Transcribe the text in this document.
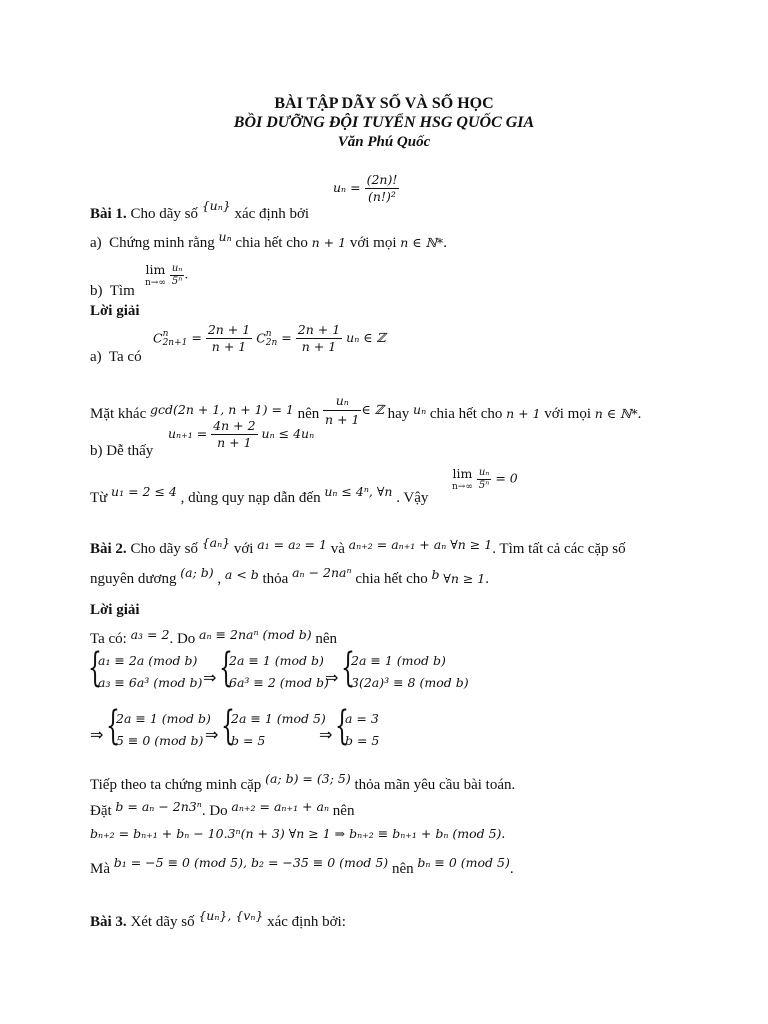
BÀI TẬP DÃY SỐ VÀ SỐ HỌC
BỒI DƯỠNG ĐỘI TUYỂN HSG QUỐC GIA
Văn Phú Quốc
$u_n = \frac{(2n)!}{\text{(n!)²}}$
Bài 1. Cho dãy số $^{\{u_n\}}$ xác định bởi
a) Chứng minh rằng $^{u_n}$ chia hết cho n + 1 với mọi n ∈ ℕ*.
lim
n→∞
$\frac{\text{uₙ}}{\text{5ⁿ}}$ .
b) Tìm
Lời giải
a) Ta có
C n
$2n+1 = \frac{2n + 1}{n + 1}$ C n
$2n = \frac{2n + 1}{n + 1}$ uₙ ∈ ℤ
Mặt khác $^{gcd(2n + 1, n + 1) = 1}$ nên $\frac{\text{uₙ}}{n + 1} ^{\in ℤ}$ hay $^{u_n}$ chia hết cho n + 1 với mọi n ∈ ℕ*.
b) Dễ thấy
$u_{n+1} = \frac{4n + 2}{n + 1}$ uₙ ≤ 4uₙ
Từ $^{u_1 = 2 \le 4}$ , dùng quy nạp dẫn đến $^{u_n \le 4^n, \forall n}$ . Vậy
lim
n→∞
$\frac{\text{uₙ}}{\text{5ⁿ}} = 0$
Bài 2. Cho dãy số $^{\{a_n\}}$ với $^{a_1 = a_2 = 1}$ và $^{a_{n+2} = a_{n+1} + a_n \forall n \ge 1}$. Tìm tất cả các cặp số
nguyên dương $^{(a; b)}$ , $^{a < b}$ thỏa $^{a_n - 2na^n}$ chia hết cho $^b$ ∀n ≥ 1.
Lời giải
Ta có: $^{a_3 = 2}$. Do $^{a_n \equiv 2na^n (mod b)}$ nên
{
a₁ ≡ 2a (mod b)
a₃ ≡ 6a³ (mod b) ⇒ {
2a ≡ 1 (mod b)
6a³ ≡ 2 (mod b)
⇒ {
2a ≡ 1 (mod b)
3(2a)³ ≡ 8 (mod b)
⇒ {
2a ≡ 1 (mod b)
5 ≡ 0 (mod b) ⇒ {
2a ≡ 1 (mod 5)
b = 5	⇒ {
a = 3
b = 5
Tiếp theo ta chứng minh cặp $^{(a; b) = (3; 5)}$ thỏa mãn yêu cầu bài toán.
Đặt $^{b = a_n - 2n3^n}$. Do $^{a_{n+2} = a_{n+1} + a_n}$ nên
bₙ₊₂ = bₙ₊₁ + bₙ − 10.3ⁿ(n + 3) ∀n ≥ 1 ⇒ bₙ₊₂ ≡ bₙ₊₁ + bₙ (mod 5).
Mà $^{b_1 = -5 \equiv 0 (mod 5), b_2 = -35 \equiv 0 (mod 5)}$ nên $^{b_n \equiv 0 (mod 5)}$.
Bài 3. Xét dãy số $^{\{u_n\}, \{v_n\}}$ xác định bởi:
